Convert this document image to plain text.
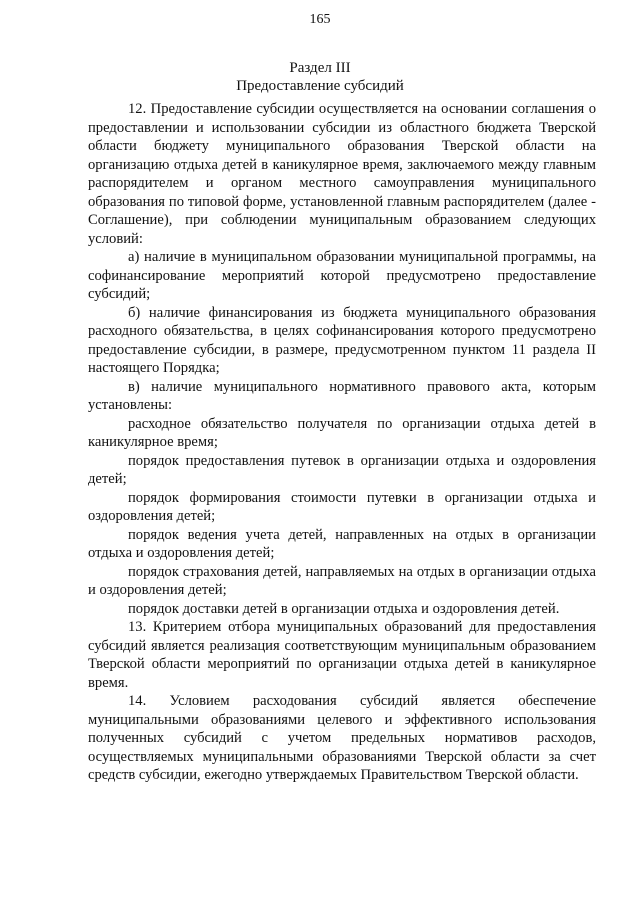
165
Раздел III
Предоставление субсидий

12. Предоставление субсидии осуществляется на основании соглашения о предоставлении и использовании субсидии из областного бюджета Тверской области бюджету муниципального образования Тверской области на организацию отдыха детей в каникулярное время, заключаемого между главным распорядителем и органом местного самоуправления муниципального образования по типовой форме, установленной главным распорядителем (далее - Соглашение), при соблюдении муниципальным образованием следующих условий:

а) наличие в муниципальном образовании муниципальной программы, на софинансирование мероприятий которой предусмотрено предоставление субсидий;

б) наличие финансирования из бюджета муниципального образования расходного обязательства, в целях софинансирования которого предусмотрено предоставление субсидии, в размере, предусмотренном пунктом 11 раздела II настоящего Порядка;

в) наличие муниципального нормативного правового акта, которым установлены:

расходное обязательство получателя по организации отдыха детей в каникулярное время;

порядок предоставления путевок в организации отдыха и оздоровления детей;

порядок формирования стоимости путевки в организации отдыха и оздоровления детей;

порядок ведения учета детей, направленных на отдых в организации отдыха и оздоровления детей;

порядок страхования детей, направляемых на отдых в организации отдыха и оздоровления детей;

порядок доставки детей в организации отдыха и оздоровления детей.

13. Критерием отбора муниципальных образований для предоставления субсидий является реализация соответствующим муниципальным образованием Тверской области мероприятий по организации отдыха детей в каникулярное время.

14. Условием расходования субсидий является обеспечение муниципальными образованиями целевого и эффективного использования полученных субсидий с учетом предельных нормативов расходов, осуществляемых муниципальными образованиями Тверской области за счет средств субсидии, ежегодно утверждаемых Правительством Тверской области.
